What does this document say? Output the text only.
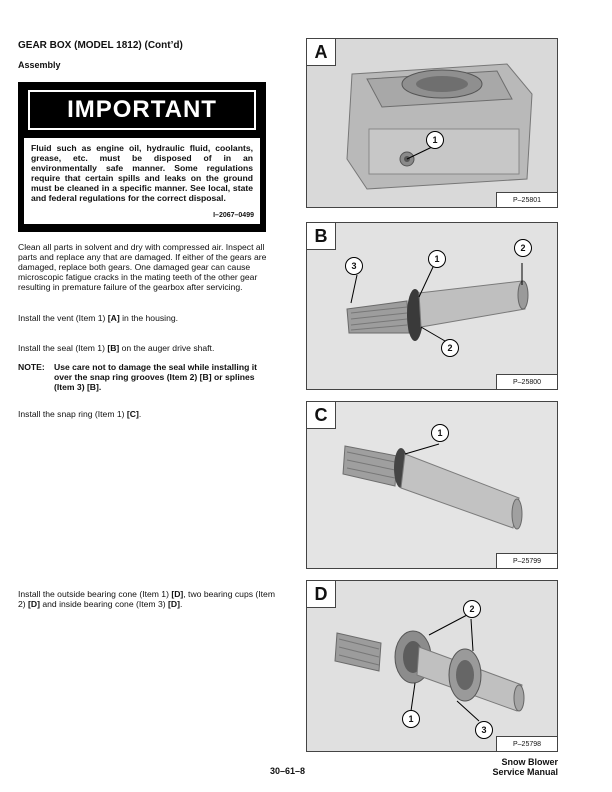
GEAR BOX (MODEL 1812) (Cont’d)
Assembly
IMPORTANT
Fluid such as engine oil, hydraulic fluid, coolants, grease, etc. must be disposed of in an environmentally safe manner. Some regulations require that certain spills and leaks on the ground must be cleaned in a specific manner. See local, state and federal regulations for the correct disposal.
I–2067–0499
Clean all parts in solvent and dry with compressed air. Inspect all parts and replace any that are damaged. If either of the gears are damaged, replace both gears. One damaged gear can cause microscopic fatigue cracks in the mating teeth of the other gear resulting in premature failure of the gearbox after servicing.
Install the vent (Item 1) [A] in the housing.
Install the seal (Item 1) [B] on the auger drive shaft.
NOTE: Use care not to damage the seal while installing it over the snap ring grooves (Item 2) [B] or splines (Item 3) [B].
Install the snap ring (Item 1) [C].
Install the outside bearing cone (Item 1) [D], two bearing cups (Item 2) [D] and inside bearing cone (Item 3) [D].
A
1
P–25801
B
3
1
2
2
P–25800
C
1
P–25799
D
2
1
3
P–25798
30–61–8
Snow Blower
Service Manual
